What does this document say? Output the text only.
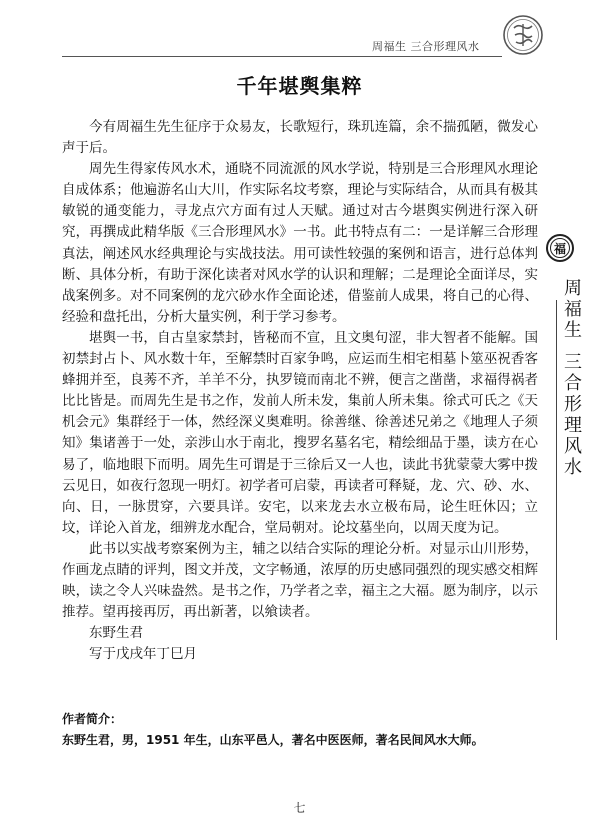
周福生 三合形理风水
千年堪舆集粹

今有周福生先生征序于众易友，长歌短行，珠玑连篇，余不揣孤陋，微发心声于后。

周先生得家传风水术，通晓不同流派的风水学说，特别是三合形理风水理论自成体系；他遍游名山大川，作实际名坟考察，理论与实际结合，从而具有极其敏锐的通变能力，寻龙点穴方面有过人天赋。通过对古今堪舆实例进行深入研究，再撰成此精华版《三合形理风水》一书。此书特点有二：一是详解三合形理真法，阐述风水经典理论与实战技法。用可读性较强的案例和语言，进行总体判断、具体分析，有助于深化读者对风水学的认识和理解；二是理论全面详尽，实战案例多。对不同案例的龙穴砂水作全面论述，借鉴前人成果，将自己的心得、经验和盘托出，分析大量实例，利于学习参考。

堪舆一书，自古皇家禁封，皆秘而不宣，且文奥句涩，非大智者不能解。国初禁封占卜、风水数十年，至解禁时百家争鸣，应运而生相宅相墓卜筮巫祝香客蜂拥并至，良莠不齐，羊羊不分，执罗镜而南北不辨，便言之凿凿，求福得祸者比比皆是。而周先生是书之作，发前人所未发，集前人所未集。徐式可氏之《天机会元》集群经于一体，然经深义奥难明。徐善继、徐善述兄弟之《地理人子须知》集诸善于一处，亲涉山水于南北，搜罗名墓名宅，精绘细品于墨，读方在心易了，临地眼下而明。周先生可谓是于三徐后又一人也，读此书犹蒙蒙大雾中拨云见日，如夜行忽现一明灯。初学者可启蒙，再读者可释疑，龙、穴、砂、水、向、日，一脉贯穿，六要具详。安宅，以来龙去水立极布局，论生旺休囚；立坟，详论入首龙，细辨龙水配合，堂局朝对。论坟墓坐向，以周天度为记。

此书以实战考察案例为主，辅之以结合实际的理论分析。对显示山川形势，作画龙点睛的评判，图文并茂，文字畅通，浓厚的历史感同强烈的现实感交相辉映，读之令人兴味盎然。是书之作，乃学者之幸，福主之大福。愿为制序，以示推荐。望再接再厉，再出新著，以飨读者。

东野生君
写于戊戌年丁巳月
作者简介：
东野生君，男，1951 年生，山东平邑人，著名中医医师，著名民间风水大师。
七
福
周福生
三合形理风水
